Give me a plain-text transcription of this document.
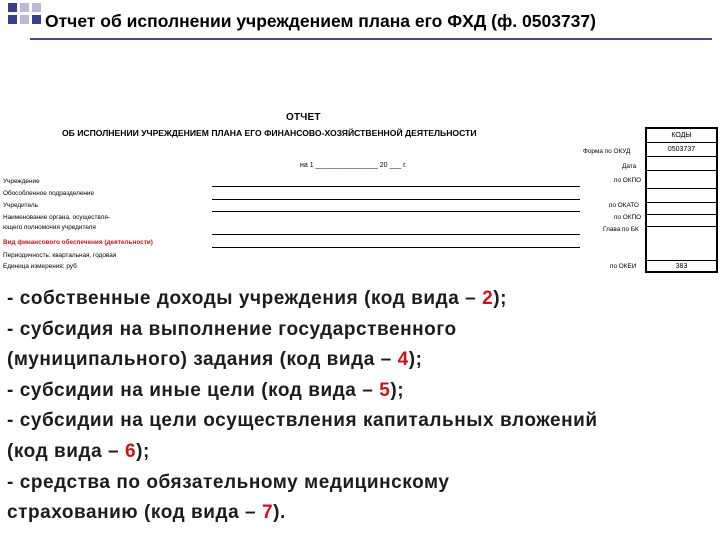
Отчет об исполнении учреждением плана его ФХД (ф. 0503737)
ОТЧЕТ
ОБ ИСПОЛНЕНИИ УЧРЕЖДЕНИЕМ ПЛАНА ЕГО ФИНАНСОВО-ХОЗЯЙСТВЕННОЙ ДЕЯТЕЛЬНОСТИ
на 1 ________________ 20 ___ г.
Учреждение
Обособленное подразделение
Учредитель
Наименование органа, осуществля-
ющего полномочия учредителя
Вид финансового обеспечения (деятельности)
Периодичность: квартальная, годовая
Единица измерения: руб
Форма по ОКУД
Дата
по ОКПО
по ОКАТО
по ОКПО
Глава по БК
по ОКЕИ
КОДЫ
0503737
383
- собственные доходы учреждения (код вида – 2);
- субсидия на выполнение государственного
(муниципального) задания (код вида – 4);
- субсидии на иные цели (код вида – 5);
- субсидии на цели осуществления капитальных вложений
(код вида – 6);
- средства по обязательному медицинскому
страхованию (код вида – 7).
